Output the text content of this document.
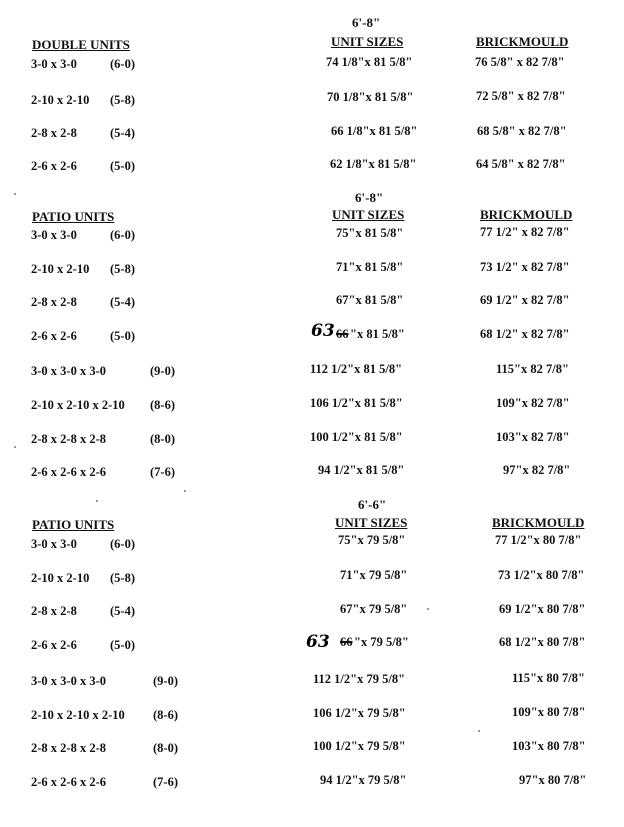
6'-8"
DOUBLE UNITS	UNIT SIZES	BRICKMOULD
3-0 x 3-0	(6-0)	74 1/8"x 81 5/8"	76 5/8" x 82 7/8"
2-10 x 2-10 (5-8)	70 1/8"x 81 5/8"	72 5/8" x 82 7/8"
2-8 x 2-8	(5-4)	66 1/8"x 81 5/8"	68 5/8" x 82 7/8"
2-6 x 2-6	(5-0)	62 1/8"x 81 5/8"	64 5/8" x 82 7/8"
6'-8"
PATIO UNITS	UNIT SIZES	BRICKMOULD
3-0 x 3-0	(6-0)	75"x 81 5/8"	77 1/2" x 82 7/8"
2-10 x 2-10 (5-8)	71"x 81 5/8"	73 1/2" x 82 7/8"
2-8 x 2-8	(5-4)	67"x 81 5/8"	69 1/2" x 82 7/8"
2-6 x 2-6	(5-0)	63 66 "x 81 5/8"	68 1/2" x 82 7/8"
3-0 x 3-0 x 3-0	(9-0)	112 1/2"x 81 5/8"	115"x 82 7/8"
2-10 x 2-10 x 2-10 (8-6)	106 1/2"x 81 5/8"	109"x 82 7/8"
2-8 x 2-8 x 2-8	(8-0)	100 1/2"x 81 5/8"	103"x 82 7/8"
2-6 x 2-6 x 2-6	(7-6)	94 1/2"x 81 5/8"	97"x 82 7/8"
6'-6"
PATIO UNITS	UNIT SIZES	BRICKMOULD
3-0 x 3-0	(6-0)	75"x 79 5/8"	77 1/2"x 80 7/8"
2-10 x 2-10 (5-8)	71"x 79 5/8"	73 1/2"x 80 7/8"
2-8 x 2-8	(5-4)	67"x 79 5/8"	69 1/2"x 80 7/8"
2-6 x 2-6	(5-0)	63 66 "x 79 5/8"	68 1/2"x 80 7/8"
3-0 x 3-0 x 3-0	(9-0)	112 1/2"x 79 5/8"	115"x 80 7/8"
2-10 x 2-10 x 2-10 (8-6)	106 1/2"x 79 5/8"	109"x 80 7/8"
2-8 x 2-8 x 2-8	(8-0)	100 1/2"x 79 5/8"	103"x 80 7/8"
2-6 x 2-6 x 2-6	(7-6)	94 1/2"x 79 5/8"	97"x 80 7/8"
